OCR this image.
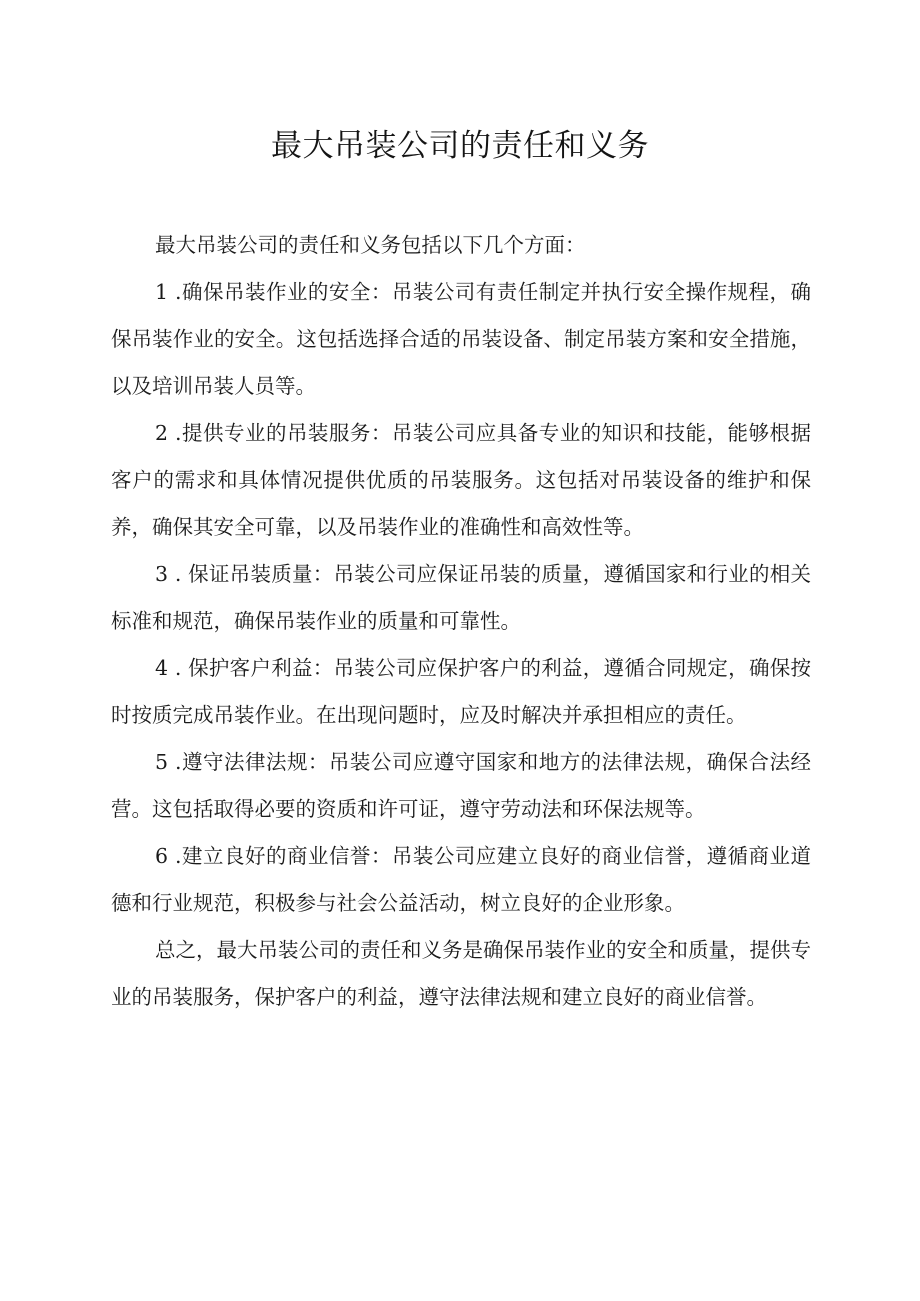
最大吊装公司的责任和义务

最大吊装公司的责任和义务包括以下几个方面：

1 .确保吊装作业的安全：吊装公司有责任制定并执行安全操作规程，确保吊装作业的安全。这包括选择合适的吊装设备、制定吊装方案和安全措施，以及培训吊装人员等。

2 .提供专业的吊装服务：吊装公司应具备专业的知识和技能，能够根据客户的需求和具体情况提供优质的吊装服务。这包括对吊装设备的维护和保养，确保其安全可靠，以及吊装作业的准确性和高效性等。

3 . 保证吊装质量：吊装公司应保证吊装的质量，遵循国家和行业的相关标准和规范，确保吊装作业的质量和可靠性。

4 . 保护客户利益：吊装公司应保护客户的利益，遵循合同规定，确保按时按质完成吊装作业。在出现问题时，应及时解决并承担相应的责任。

5 .遵守法律法规：吊装公司应遵守国家和地方的法律法规，确保合法经营。这包括取得必要的资质和许可证，遵守劳动法和环保法规等。

6 .建立良好的商业信誉：吊装公司应建立良好的商业信誉，遵循商业道德和行业规范，积极参与社会公益活动，树立良好的企业形象。

总之，最大吊装公司的责任和义务是确保吊装作业的安全和质量，提供专业的吊装服务，保护客户的利益，遵守法律法规和建立良好的商业信誉。
